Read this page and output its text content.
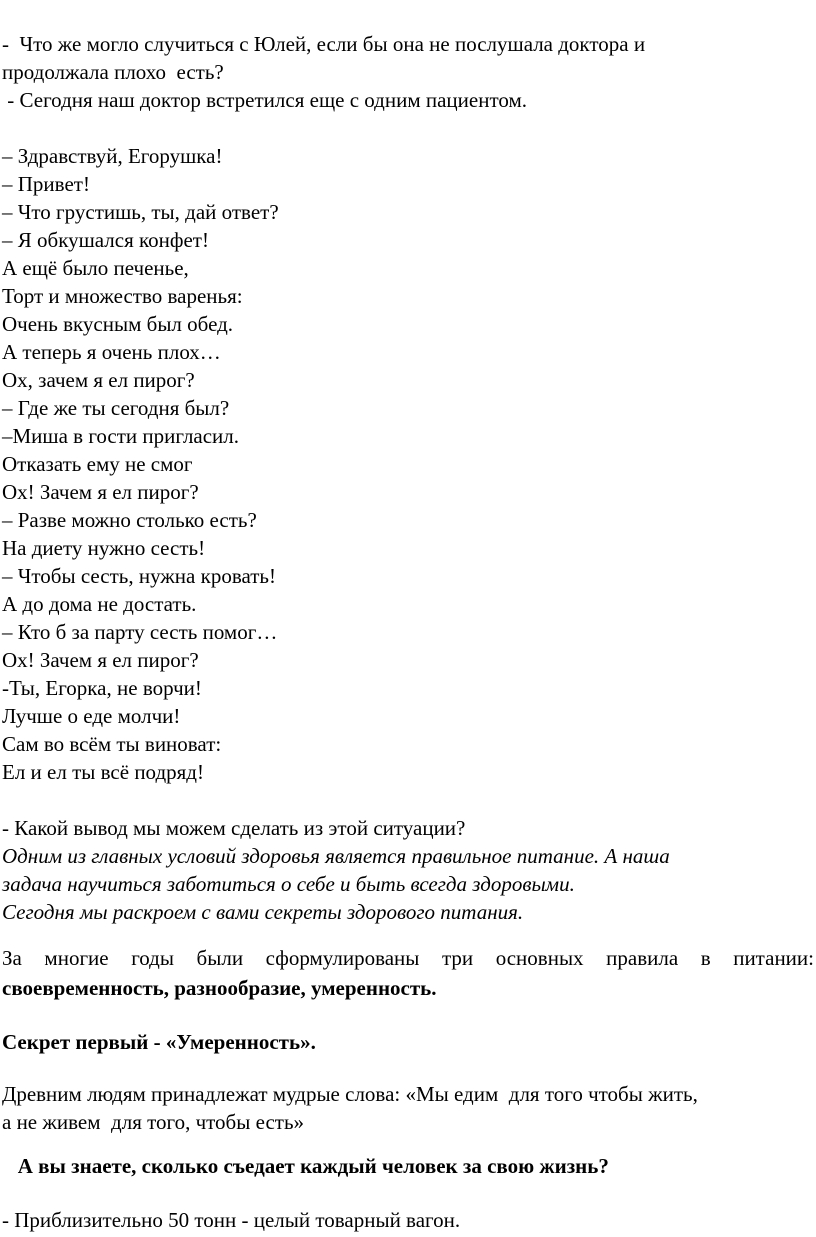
-  Что же могло случиться с Юлей, если бы она не послушала доктора и
продолжала плохо  есть?
- Сегодня наш доктор встретился еще с одним пациентом.
– Здравствуй, Егорушка!
– Привет!
– Что грустишь, ты, дай ответ?
– Я обкушался конфет!
А ещё было печенье,
Торт и множество варенья:
Очень вкусным был обед.
А теперь я очень плох…
Ох, зачем я ел пирог?
– Где же ты сегодня был?
–Миша в гости пригласил.
Отказать ему не смог
Ох! Зачем я ел пирог?
– Разве можно столько есть?
На диету нужно сесть!
– Чтобы сесть, нужна кровать!
А до дома не достать.
– Кто б за парту сесть помог…
Ох! Зачем я ел пирог?
-Ты, Егорка, не ворчи!
Лучше о еде молчи!
Сам во всём ты виноват:
Ел и ел ты всё подряд!
- Какой вывод мы можем сделать из этой ситуации?
Одним из главных условий здоровья является правильное питание. А наша
задача научиться заботиться о себе и быть всегда здоровыми.
Сегодня мы раскроем с вами секреты здорового питания.
За многие годы были сформулированы три основных правила в питании:
своевременность, разнообразие, умеренность.
Секрет первый - «Умеренность».
Древним людям принадлежат мудрые слова: «Мы едим  для того чтобы жить,
а не живем  для того, чтобы есть»
А вы знаете, сколько съедает каждый человек за свою жизнь?
- Приблизительно 50 тонн - целый товарный вагон.
